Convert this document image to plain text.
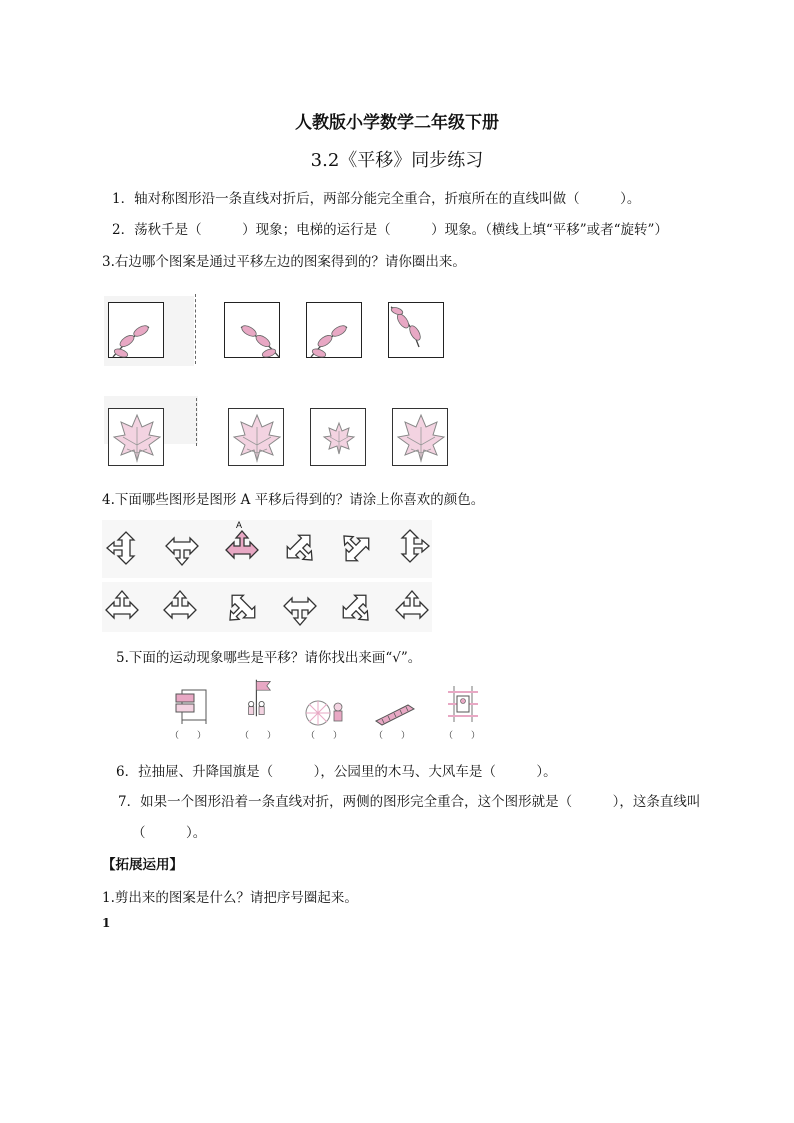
人教版小学数学二年级下册
3.2《平移》同步练习
1．轴对称图形沿一条直线对折后，两部分能完全重合，折痕所在的直线叫做（　　　）。
2．荡秋千是（　　　）现象；电梯的运行是（　　　）现象。（横线上填“平移”或者“旋转”）
3.右边哪个图案是通过平移左边的图案得到的？请你圈出来。
4.下面哪些图形是图形 A 平移后得到的？请涂上你喜欢的颜色。
A
5.下面的运动现象哪些是平移？请你找出来画“√”。
（　　）	（　　）	（　　）	（　　）	（　　）
6．拉抽屉、升降国旗是（　　　），公园里的木马、大风车是（　　　）。
7．如果一个图形沿着一条直线对折，两侧的图形完全重合，这个图形就是（　　　），这条直线叫
（　　　）。
【拓展运用】
1.剪出来的图案是什么？请把序号圈起来。
1
